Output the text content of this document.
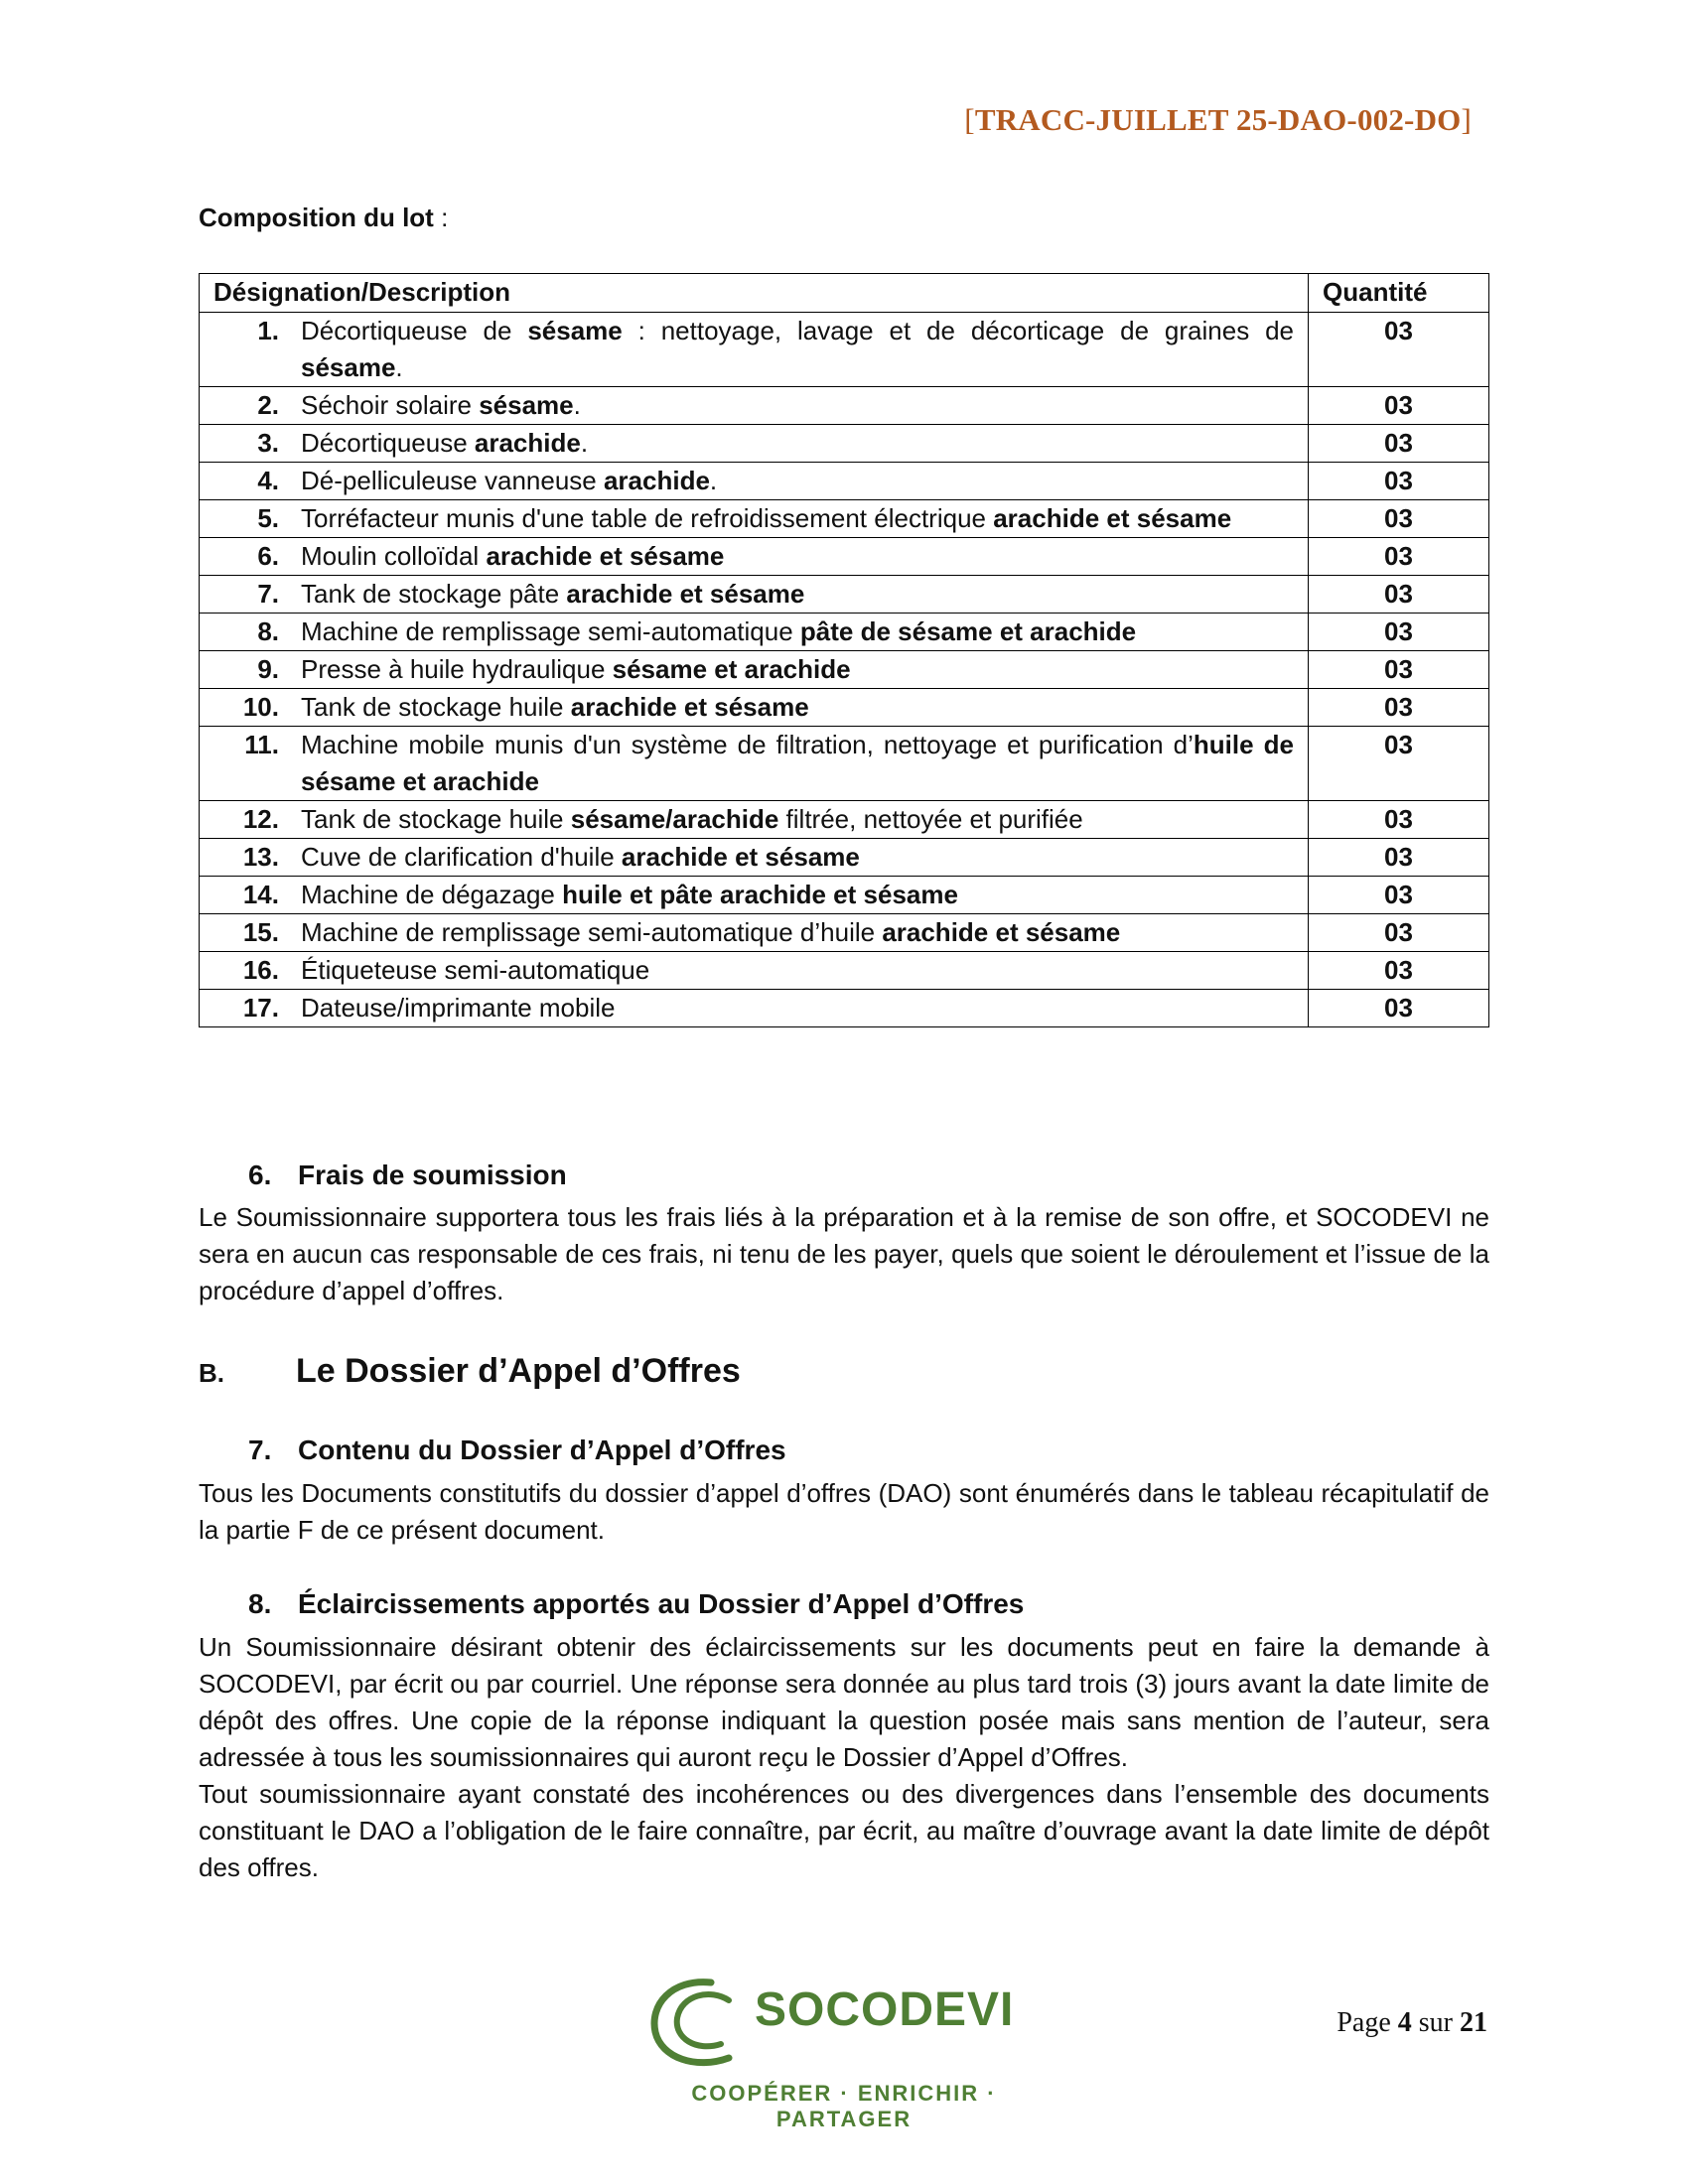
[TRACC-JUILLET 25-DAO-002-DO]
Composition du lot :
Désignation/Description	Quantité

1. Décortiqueuse de sésame : nettoyage, lavage et de décorticage de graines de sésame.	03

2. Séchoir solaire sésame.	03

3. Décortiqueuse arachide.	03

4. Dé-pelliculeuse vanneuse arachide.	03

5. Torréfacteur munis d'une table de refroidissement électrique arachide et sésame	03

6. Moulin colloïdal arachide et sésame	03

7. Tank de stockage pâte arachide et sésame	03

8. Machine de remplissage semi-automatique pâte de sésame et arachide	03

9. Presse à huile hydraulique sésame et arachide	03

10. Tank de stockage huile arachide et sésame	03

11. Machine mobile munis d'un système de filtration, nettoyage et purification d’huile de sésame et arachide	03

12. Tank de stockage huile sésame/arachide filtrée, nettoyée et purifiée	03

13. Cuve de clarification d'huile arachide et sésame	03

14. Machine de dégazage huile et pâte arachide et sésame	03

15. Machine de remplissage semi-automatique d’huile arachide et sésame	03

16. Étiqueteuse semi-automatique	03

17. Dateuse/imprimante mobile	03
6. Frais de soumission
Le Soumissionnaire supportera tous les frais liés à la préparation et à la remise de son offre, et SOCODEVI ne sera en aucun cas responsable de ces frais, ni tenu de les payer, quels que soient le déroulement et l’issue de la procédure d’appel d’offres.
B. Le Dossier d’Appel d’Offres
7. Contenu du Dossier d’Appel d’Offres
Tous les Documents constitutifs du dossier d’appel d’offres (DAO) sont énumérés dans le tableau récapitulatif de la partie F de ce présent document.
8. Éclaircissements apportés au Dossier d’Appel d’Offres
Un Soumissionnaire désirant obtenir des éclaircissements sur les documents peut en faire la demande à SOCODEVI, par écrit ou par courriel. Une réponse sera donnée au plus tard trois (3) jours avant la date limite de dépôt des offres. Une copie de la réponse indiquant la question posée mais sans mention de l’auteur, sera adressée à tous les soumissionnaires qui auront reçu le Dossier d’Appel d’Offres.
Tout soumissionnaire ayant constaté des incohérences ou des divergences dans l’ensemble des documents constituant le DAO a l’obligation de le faire connaître, par écrit, au maître d’ouvrage avant la date limite de dépôt des offres.
SOCODEVI
COOPÉRER · ENRICHIR · PARTAGER
Page 4 sur 21
